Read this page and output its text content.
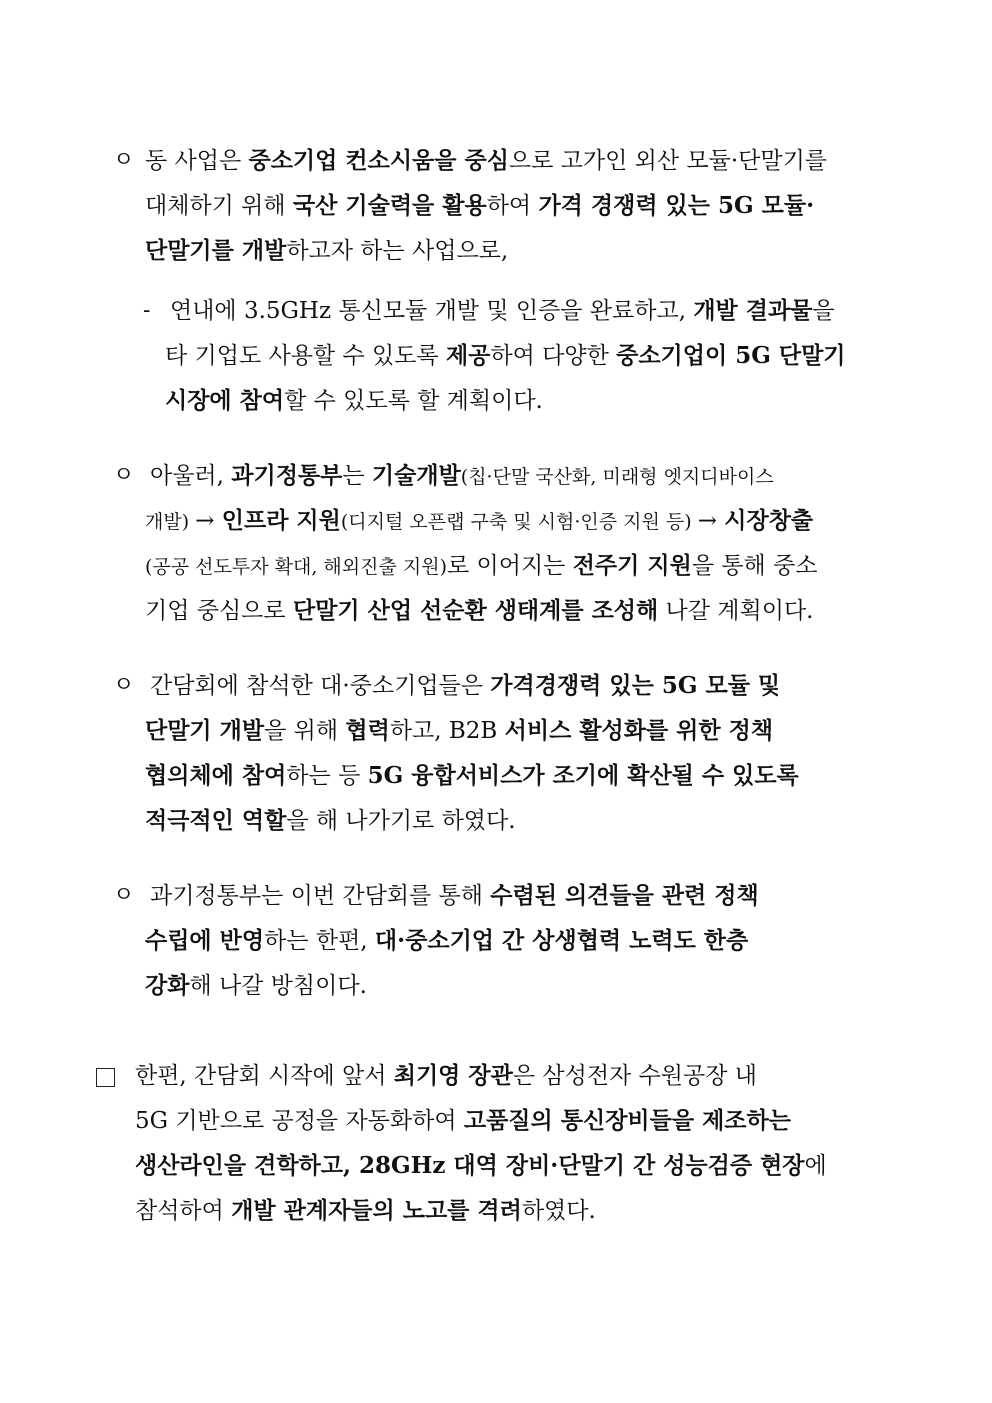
ㅇ 동 사업은 중소기업 컨소시움을 중심으로 고가인 외산 모듈·단말기를
대체하기 위해 국산 기술력을 활용하여 가격 경쟁력 있는 5G 모듈·
단말기를 개발하고자 하는 사업으로,
- 연내에 3.5GHz 통신모듈 개발 및 인증을 완료하고, 개발 결과물을
타 기업도 사용할 수 있도록 제공하여 다양한 중소기업이 5G 단말기
시장에 참여할 수 있도록 할 계획이다.
ㅇ 아울러, 과기정통부는 기술개발(칩·단말 국산화, 미래형 엣지디바이스
개발) → 인프라 지원(디지털 오픈랩 구축 및 시험·인증 지원 등) → 시장창출
(공공 선도투자 확대, 해외진출 지원)로 이어지는 전주기 지원을 통해 중소
기업 중심으로 단말기 산업 선순환 생태계를 조성해 나갈 계획이다.
ㅇ 간담회에 참석한 대·중소기업들은 가격경쟁력 있는 5G 모듈 및
단말기 개발을 위해 협력하고, B2B 서비스 활성화를 위한 정책
협의체에 참여하는 등 5G 융합서비스가 조기에 확산될 수 있도록
적극적인 역할을 해 나가기로 하였다.
ㅇ 과기정통부는 이번 간담회를 통해 수렴된 의견들을 관련 정책
수립에 반영하는 한편, 대·중소기업 간 상생협력 노력도 한층
강화해 나갈 방침이다.
한편, 간담회 시작에 앞서 최기영 장관은 삼성전자 수원공장 내
5G 기반으로 공정을 자동화하여 고품질의 통신장비들을 제조하는
생산라인을 견학하고, 28GHz 대역 장비·단말기 간 성능검증 현장에
참석하여 개발 관계자들의 노고를 격려하였다.
